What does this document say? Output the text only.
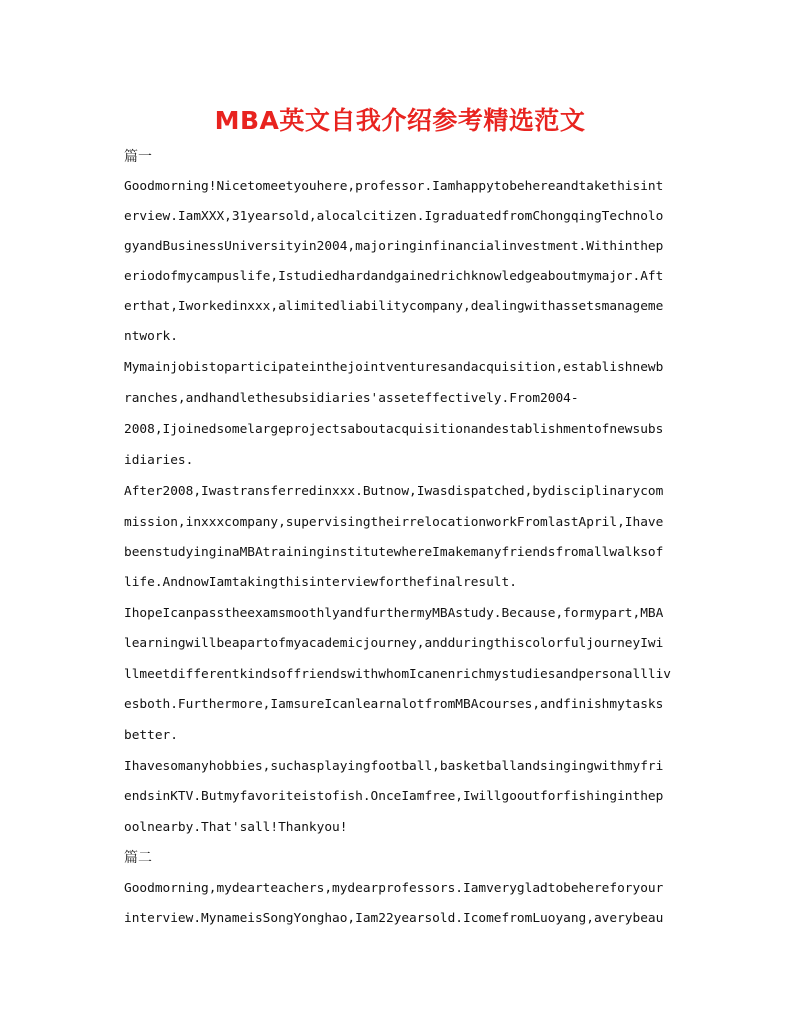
MBA英文自我介绍参考精选范文
篇一
Goodmorning!Nicetomeetyouhere,professor.Iamhappytobehereandtakethisint
erview.IamXXX,31yearsold,alocalcitizen.IgraduatedfromChongqingTechnolo
gyandBusinessUniversityin2004,majoringinfinancialinvestment.Withinthep
eriodofmycampuslife,Istudiedhardandgainedrichknowledgeaboutmymajor.Aft
erthat,Iworkedinxxx,alimitedliabilitycompany,dealingwithassetsmanageme
ntwork.
Mymainjobistoparticipateinthejointventuresandacquisition,establishnewb
ranches,andhandlethesubsidiaries'asseteffectively.From2004-
2008,Ijoinedsomelargeprojectsaboutacquisitionandestablishmentofnewsubs
idiaries.
After2008,Iwastransferredinxxx.Butnow,Iwasdispatched,bydisciplinarycom
mission,inxxxcompany,supervisingtheirrelocationworkFromlastApril,Ihave
beenstudyinginaMBAtraininginstitutewhereImakemanyfriendsfromallwalksof
life.AndnowIamtakingthisinterviewforthefinalresult.
IhopeIcanpasstheexamsmoothlyandfurthermyMBAstudy.Because,formypart,MBA
learningwillbeapartofmyacademicjourney,andduringthiscolorfuljourneyIwi
llmeetdifferentkindsoffriendswithwhomIcanenrichmystudiesandpersonallliv
esboth.Furthermore,IamsureIcanlearnalotfromMBAcourses,andfinishmytasks
better.
Ihavesomanyhobbies,suchasplayingfootball,basketballandsingingwithmyfri
endsinKTV.Butmyfavoriteistofish.OnceIamfree,Iwillgooutforfishinginthep
oolnearby.That'sall!Thankyou!
篇二
Goodmorning,mydearteachers,mydearprofessors.Iamverygladtobehereforyour
interview.MynameisSongYonghao,Iam22yearsold.IcomefromLuoyang,averybeau
